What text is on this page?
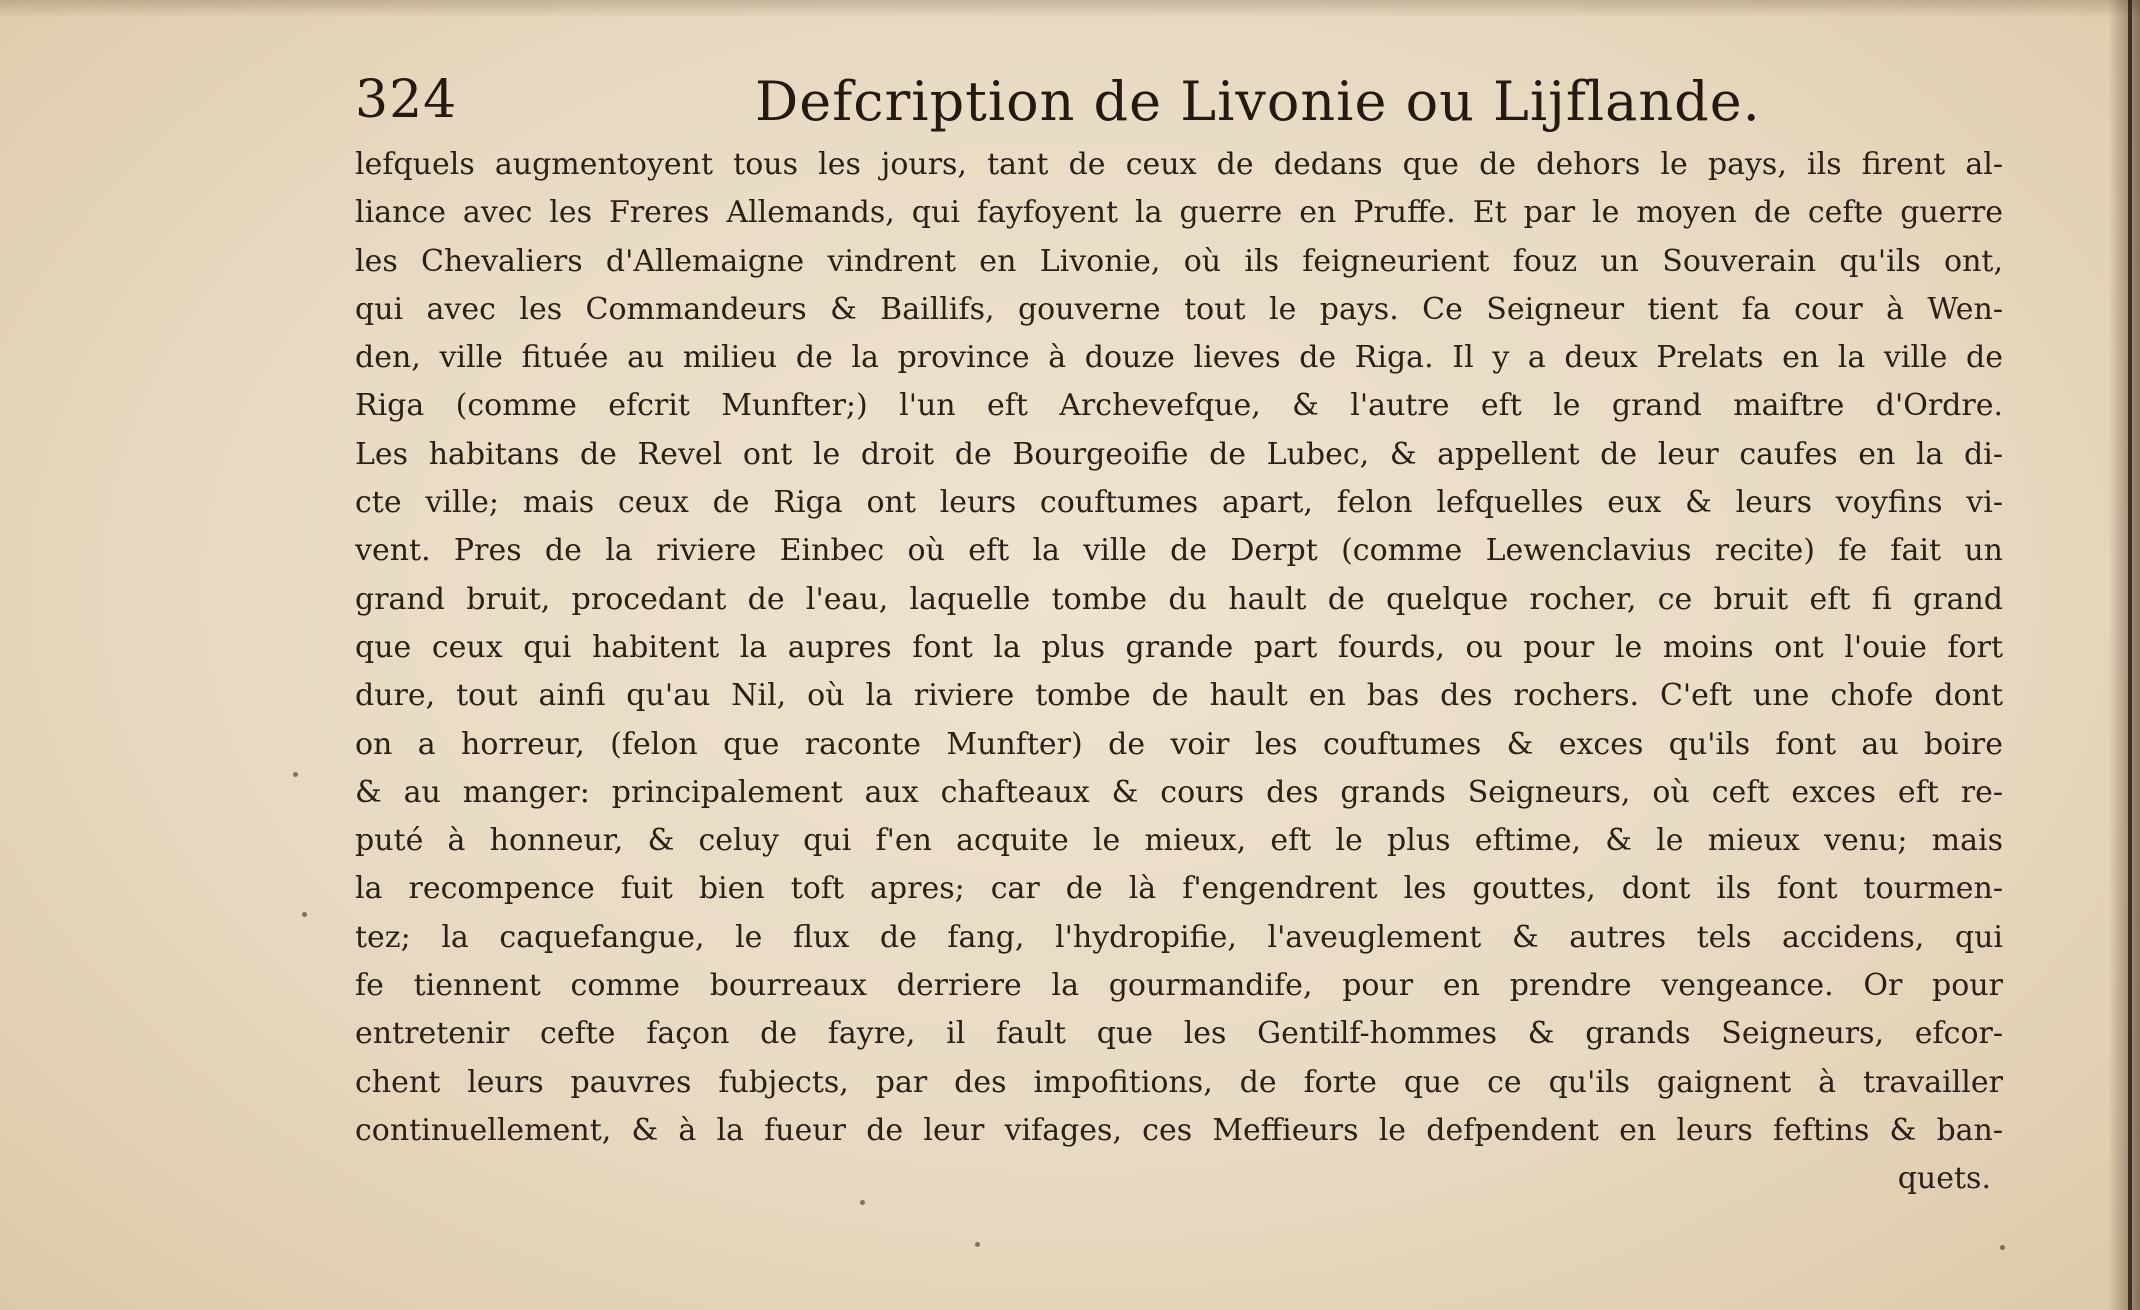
324	Defcription de Livonie ou Lijflande.
lefquels augmentoyent tous les jours, tant de ceux de dedans que de dehors le pays, ils firent al-
liance avec les Freres Allemands, qui fayfoyent la guerre en Pruffe. Et par le moyen de cefte guerre
les Chevaliers d'Allemaigne vindrent en Livonie, où ils feigneurient fouz un Souverain qu'ils ont,
qui avec les Commandeurs & Baillifs, gouverne tout le pays. Ce Seigneur tient fa cour à Wen-
den, ville fituée au milieu de la province à douze lieves de Riga. Il y a deux Prelats en la ville de
Riga (comme efcrit Munfter;) l'un eft Archevefque, & l'autre eft le grand maiftre d'Ordre.
Les habitans de Revel ont le droit de Bourgeoifie de Lubec, & appellent de leur caufes en la di-
cte ville; mais ceux de Riga ont leurs couftumes apart, felon lefquelles eux & leurs voyfins vi-
vent. Pres de la riviere Einbec où eft la ville de Derpt (comme Lewenclavius recite) fe fait un
grand bruit, procedant de l'eau, laquelle tombe du hault de quelque rocher, ce bruit eft fi grand
que ceux qui habitent la aupres font la plus grande part fourds, ou pour le moins ont l'ouie fort
dure, tout ainfi qu'au Nil, où la riviere tombe de hault en bas des rochers. C'eft une chofe dont
on a horreur, (felon que raconte Munfter) de voir les couftumes & exces qu'ils font au boire
& au manger: principalement aux chafteaux & cours des grands Seigneurs, où ceft exces eft re-
puté à honneur, & celuy qui f'en acquite le mieux, eft le plus eftime, & le mieux venu; mais
la recompence fuit bien toft apres; car de là f'engendrent les gouttes, dont ils font tourmen-
tez; la caquefangue, le flux de fang, l'hydropifie, l'aveuglement & autres tels accidens, qui
fe tiennent comme bourreaux derriere la gourmandife, pour en prendre vengeance. Or pour
entretenir cefte façon de fayre, il fault que les Gentilf-hommes & grands Seigneurs, efcor-
chent leurs pauvres fubjects, par des impofitions, de forte que ce qu'ils gaignent à travailler
continuellement, & à la fueur de leur vifages, ces Meffieurs le defpendent en leurs feftins & ban-
quets.
